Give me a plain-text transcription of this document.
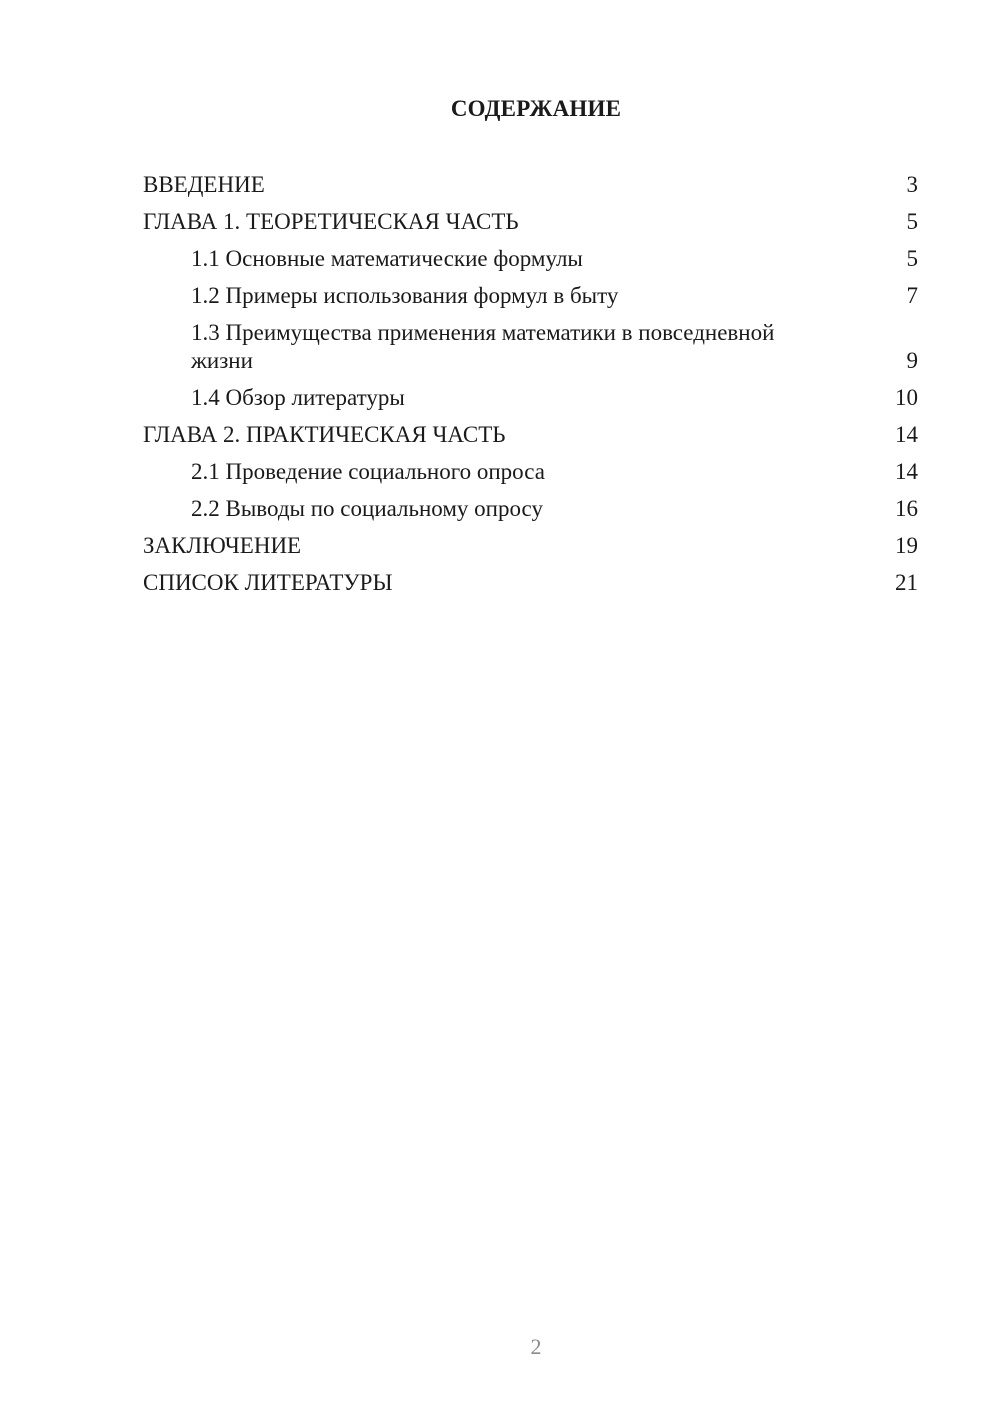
СОДЕРЖАНИЕ
ВВЕДЕНИЕ	3
ГЛАВА 1. ТЕОРЕТИЧЕСКАЯ ЧАСТЬ	5
1.1 Основные математические формулы	5
1.2 Примеры использования формул в быту	7
1.3 Преимущества применения математики в повседневной жизни	9
1.4 Обзор литературы	10
ГЛАВА 2. ПРАКТИЧЕСКАЯ ЧАСТЬ	14
2.1 Проведение социального опроса	14
2.2 Выводы по социальному опросу	16
ЗАКЛЮЧЕНИЕ	19
СПИСОК ЛИТЕРАТУРЫ	21
2
